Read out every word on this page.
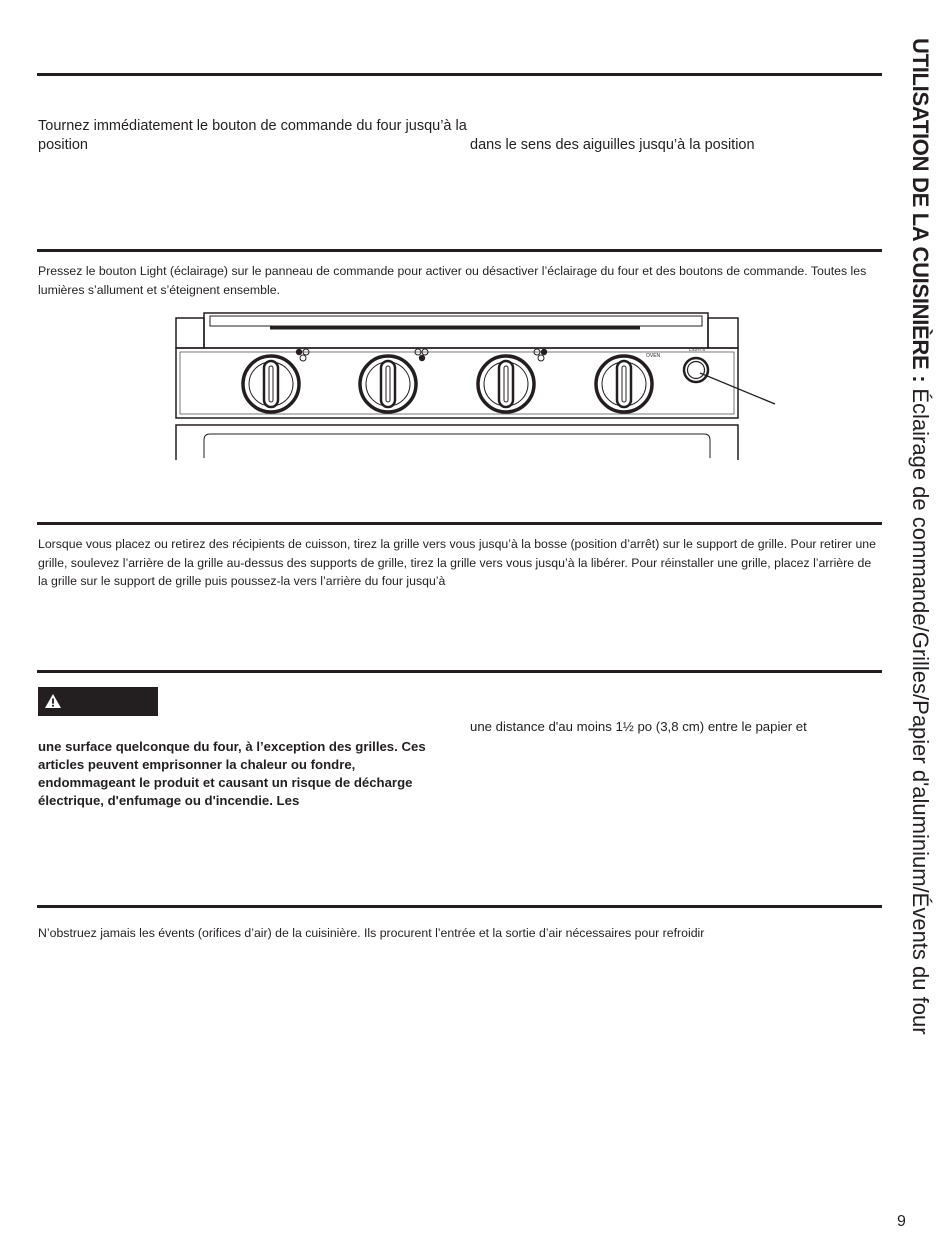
Tournez immédiatement le bouton de commande du four jusqu’à la position	dans le sens des aiguilles jusqu’à la position

Pressez le bouton Light (éclairage) sur le panneau de commande pour activer ou désactiver l’éclairage du four et des boutons de commande. Toutes les lumières s’allument et s’éteignent ensemble.

OVEN
LIGHTS

Lorsque vous placez ou retirez des récipients de cuisson, tirez la grille vers vous jusqu’à la bosse (position d’arrêt) sur le support de grille. Pour retirer une grille, soulevez l’arrière de la grille au-dessus des supports de grille, tirez la grille vers vous jusqu’à la libérer. Pour réinstaller une grille, placez l’arrière de la grille sur le support de grille puis poussez-la vers l’arrière du four jusqu’à

une distance d'au moins 1½ po (3,8 cm) entre le papier et

une surface quelconque du four, à l’exception des grilles. Ces articles peuvent emprisonner la chaleur ou fondre, endommageant le produit et causant un risque de décharge électrique, d'enfumage ou d'incendie. Les

N’obstruez jamais les évents (orifices d’air) de la cuisinière. Ils procurent l’entrée et la sortie d’air nécessaires pour refroidir

UTILISATION DE LA CUISINIÈRE : Éclairage de commande/Grilles/Papier d'aluminium/Évents du four
9
